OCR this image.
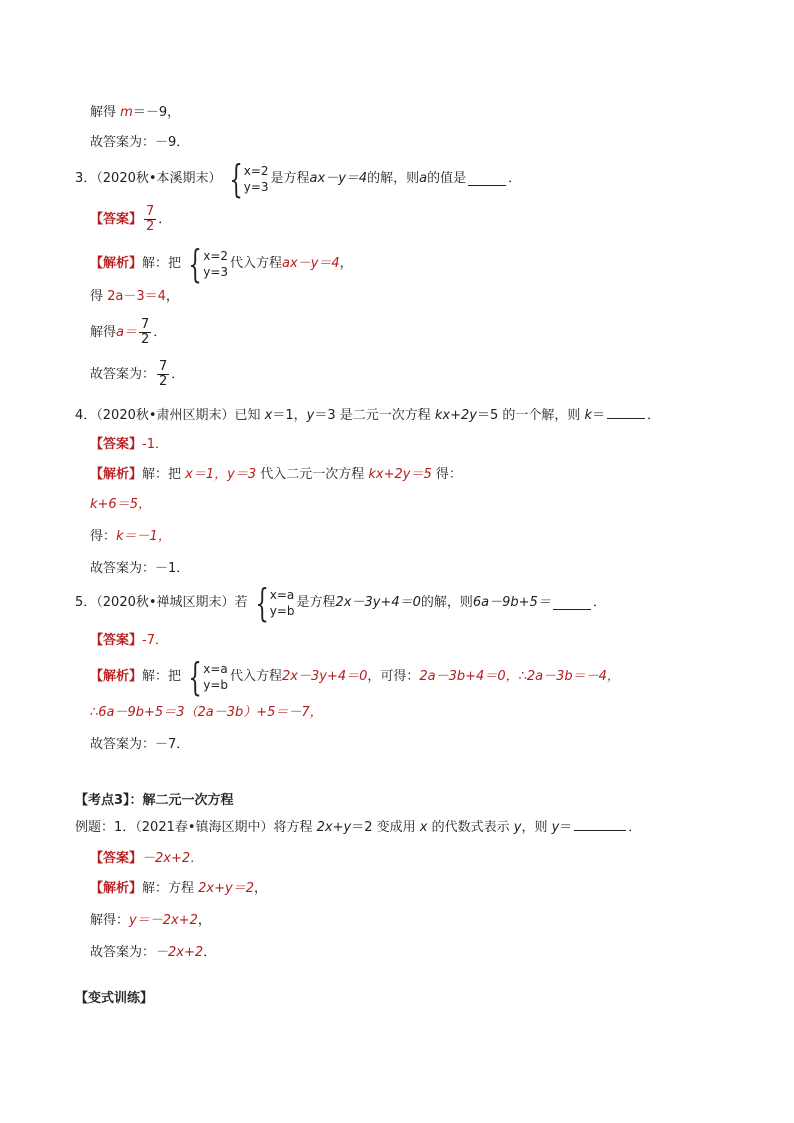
解得 m＝－9，
故答案为：－9．
3．（2020秋•本溪期末） { x=2
y=3
是方程 ax－y＝4 的解，则 a 的值是	．
【答案】 $\frac{7}{2}$ ．
【解析】 解：把 { x=2
y=3
代入方程 ax－y＝4 ，
得 2a－3＝4，
解得 $a= \frac{7}{2}$ ．
故答案为： $\frac{7}{2}$ ．
4．（2020秋•肃州区期末）已知 x＝1，y＝3 是二元一次方程 kx+2y＝5 的一个解，则 k＝	．
【答案】-1．
【解析】解：把 x＝1，y＝3 代入二元一次方程 kx+2y＝5 得：
k+6＝5，
得：k＝－1，
故答案为：－1．
5．（2020秋•禅城区期末）若 { x=a
y=b
是方程 2x－3y+4＝0 的解，则 6a－9b+5＝	．
【答案】-7．
【解析】 解：把 { x=a
y=b
代入方程 2x－3y+4＝0 ，可得： 2a－3b+4＝0，∴2a－3b＝－4，
∴6a－9b+5＝3（2a－3b）+5＝－7，
故答案为：－7．
【考点3】：解二元一次方程
例题：1．（2021春•镇海区期中）将方程 2x+y＝2 变成用 x 的代数式表示 y，则 y＝	．
【答案】－2x+2．
【解析】解：方程 2x+y＝2，
解得：y＝－2x+2，
故答案为：－2x+2．
【变式训练】
